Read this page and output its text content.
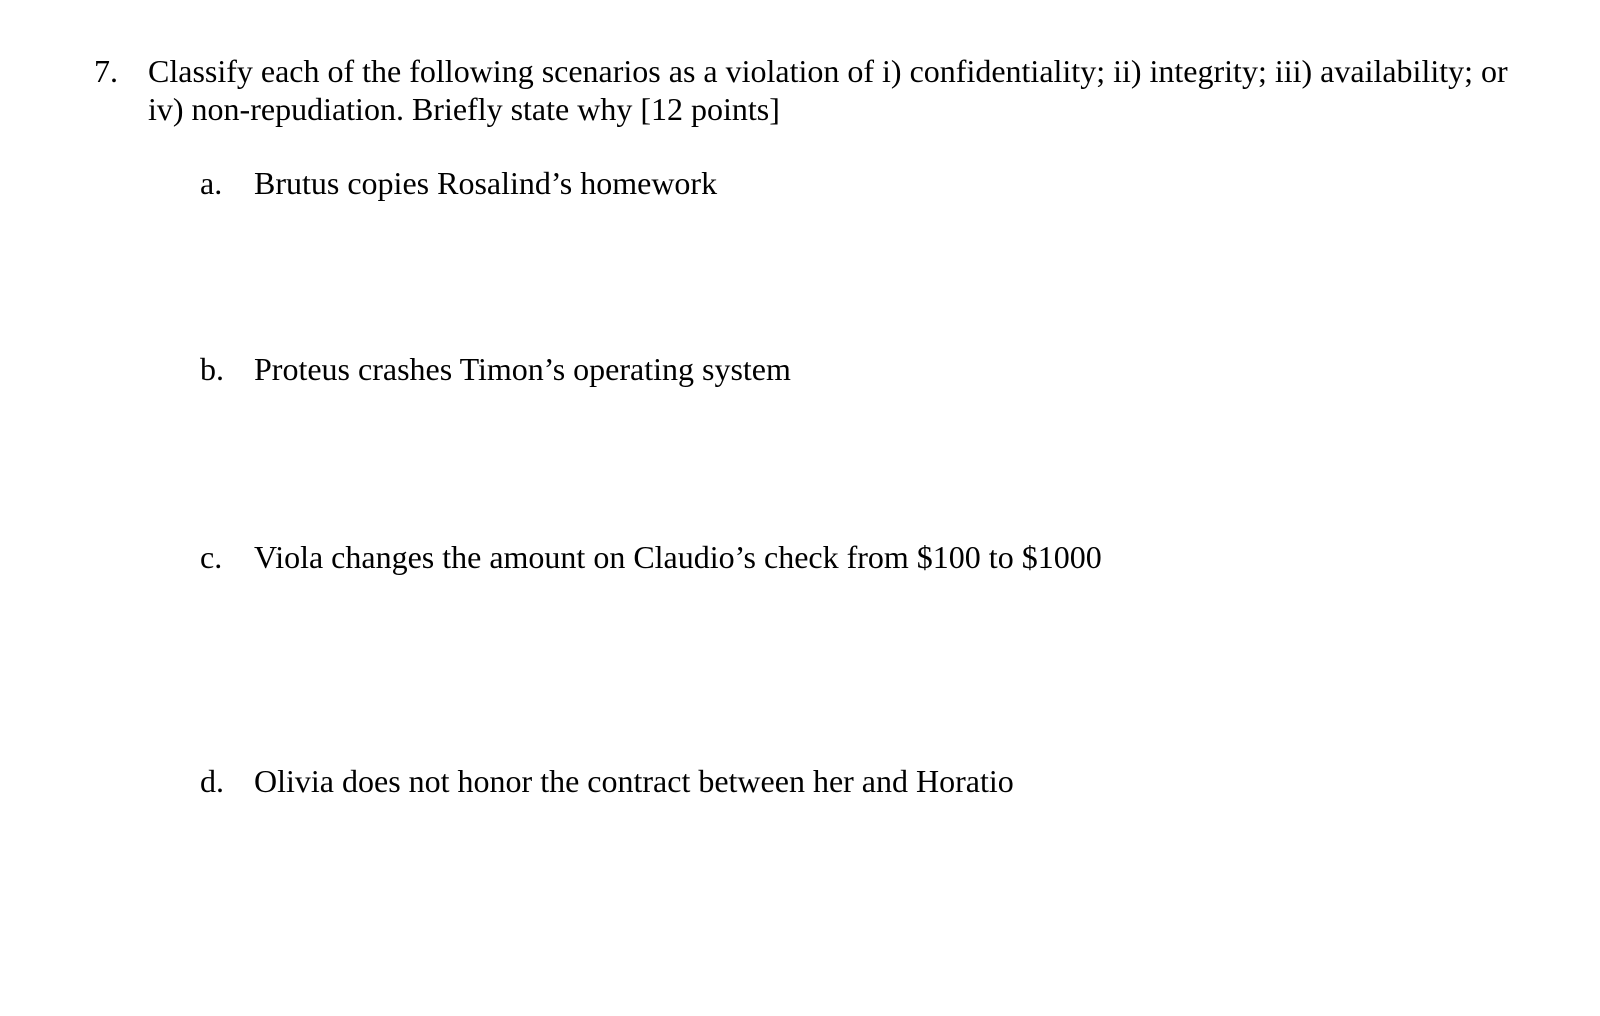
7. Classify each of the following scenarios as a violation of i) confidentiality; ii) integrity; iii) availability; or
iv) non-repudiation. Briefly state why [12 points]
a. Brutus copies Rosalind’s homework
b. Proteus crashes Timon’s operating system
c. Viola changes the amount on Claudio’s check from $100 to $1000
d. Olivia does not honor the contract between her and Horatio
